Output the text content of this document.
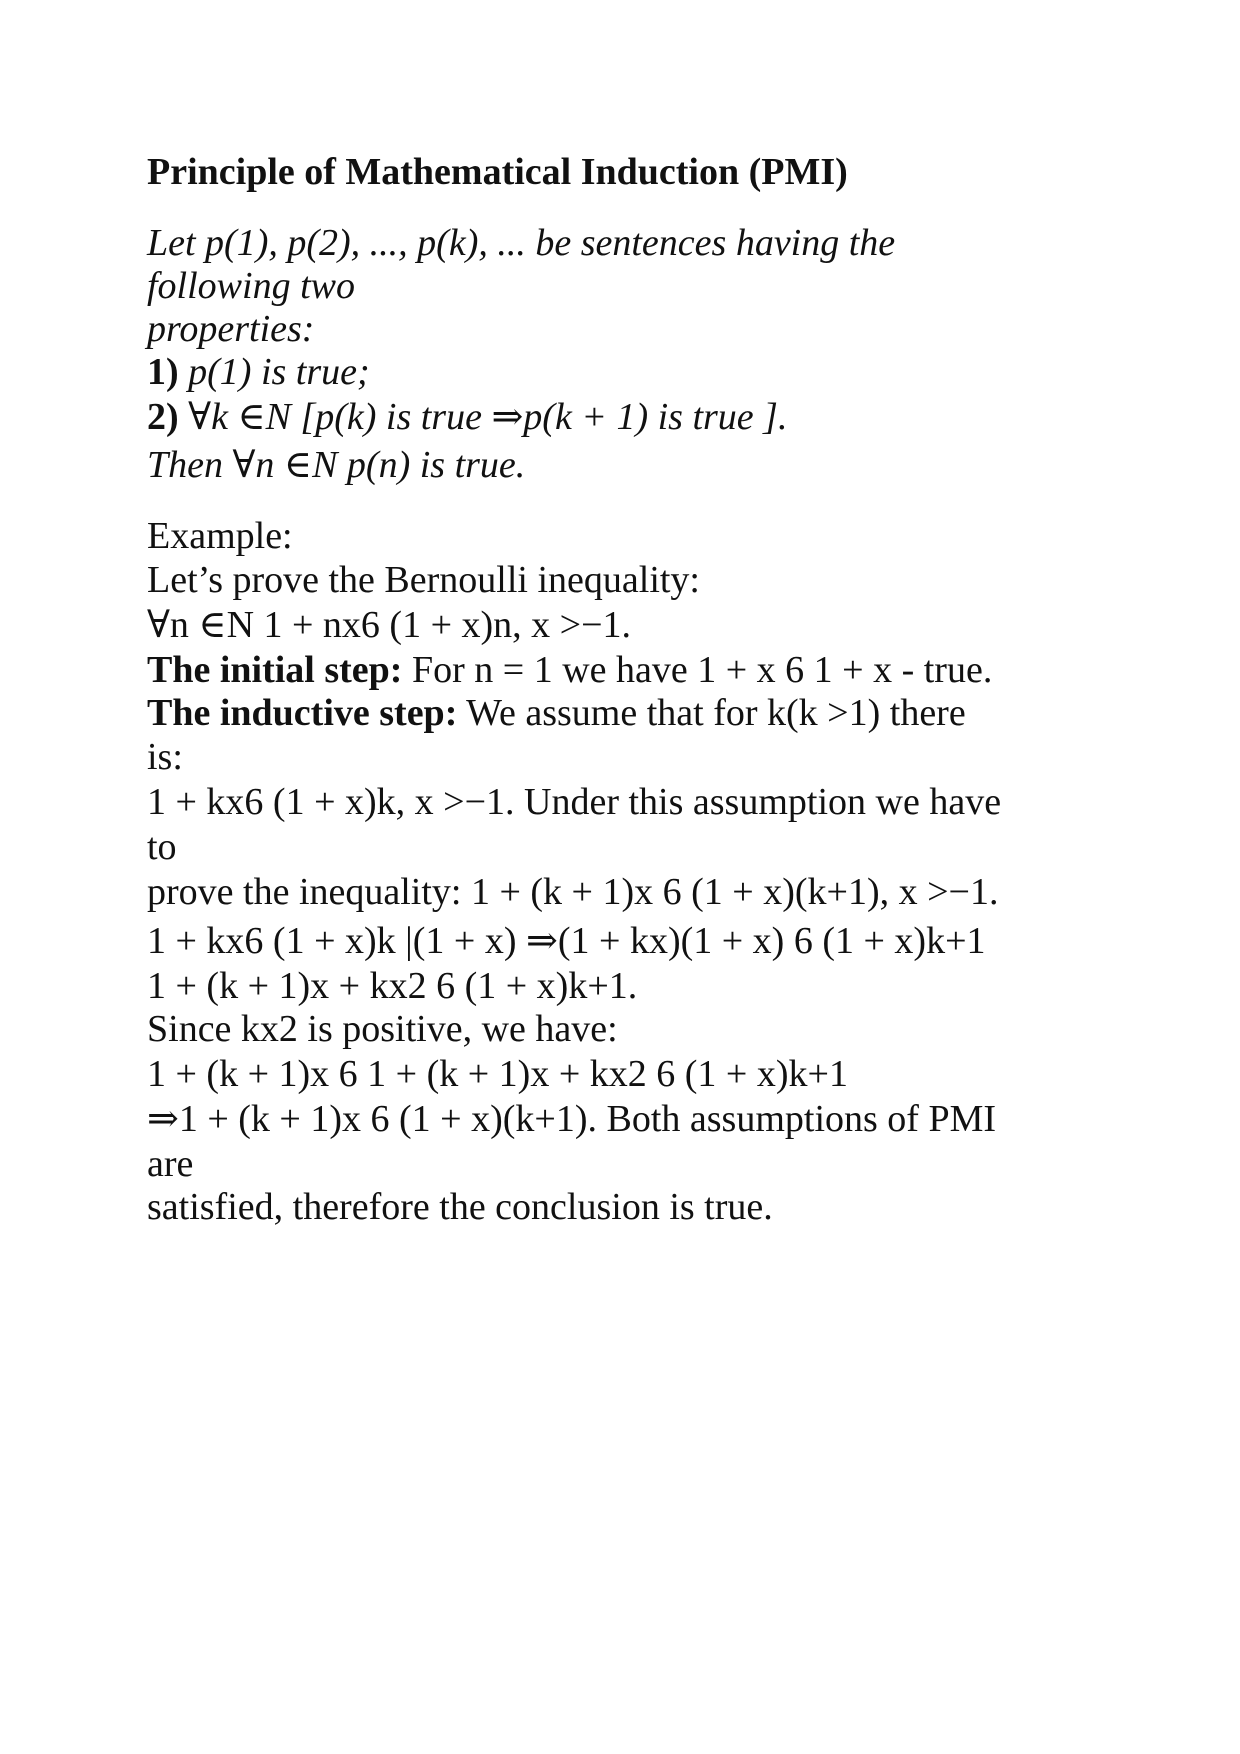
Principle of Mathematical Induction (PMI)
Let p(1), p(2), ..., p(k), ... be sentences having the
following two
properties:
1) p(1) is true;
2) ∀k ∈N [p(k) is true ⇒p(k + 1) is true ].
Then ∀n ∈N p(n) is true.
Example:
Let’s prove the Bernoulli inequality:
∀n ∈N 1 + nx6 (1 + x)n, x >−1.
The initial step: For n = 1 we have 1 + x 6 1 + x - true.
The inductive step: We assume that for k(k >1) there
is:
1 + kx6 (1 + x)k, x >−1. Under this assumption we have
to
prove the inequality: 1 + (k + 1)x 6 (1 + x)(k+1), x >−1.
1 + kx6 (1 + x)k |(1 + x) ⇒(1 + kx)(1 + x) 6 (1 + x)k+1
1 + (k + 1)x + kx2 6 (1 + x)k+1.
Since kx2 is positive, we have:
1 + (k + 1)x 6 1 + (k + 1)x + kx2 6 (1 + x)k+1
⇒1 + (k + 1)x 6 (1 + x)(k+1). Both assumptions of PMI
are
satisfied, therefore the conclusion is true.
